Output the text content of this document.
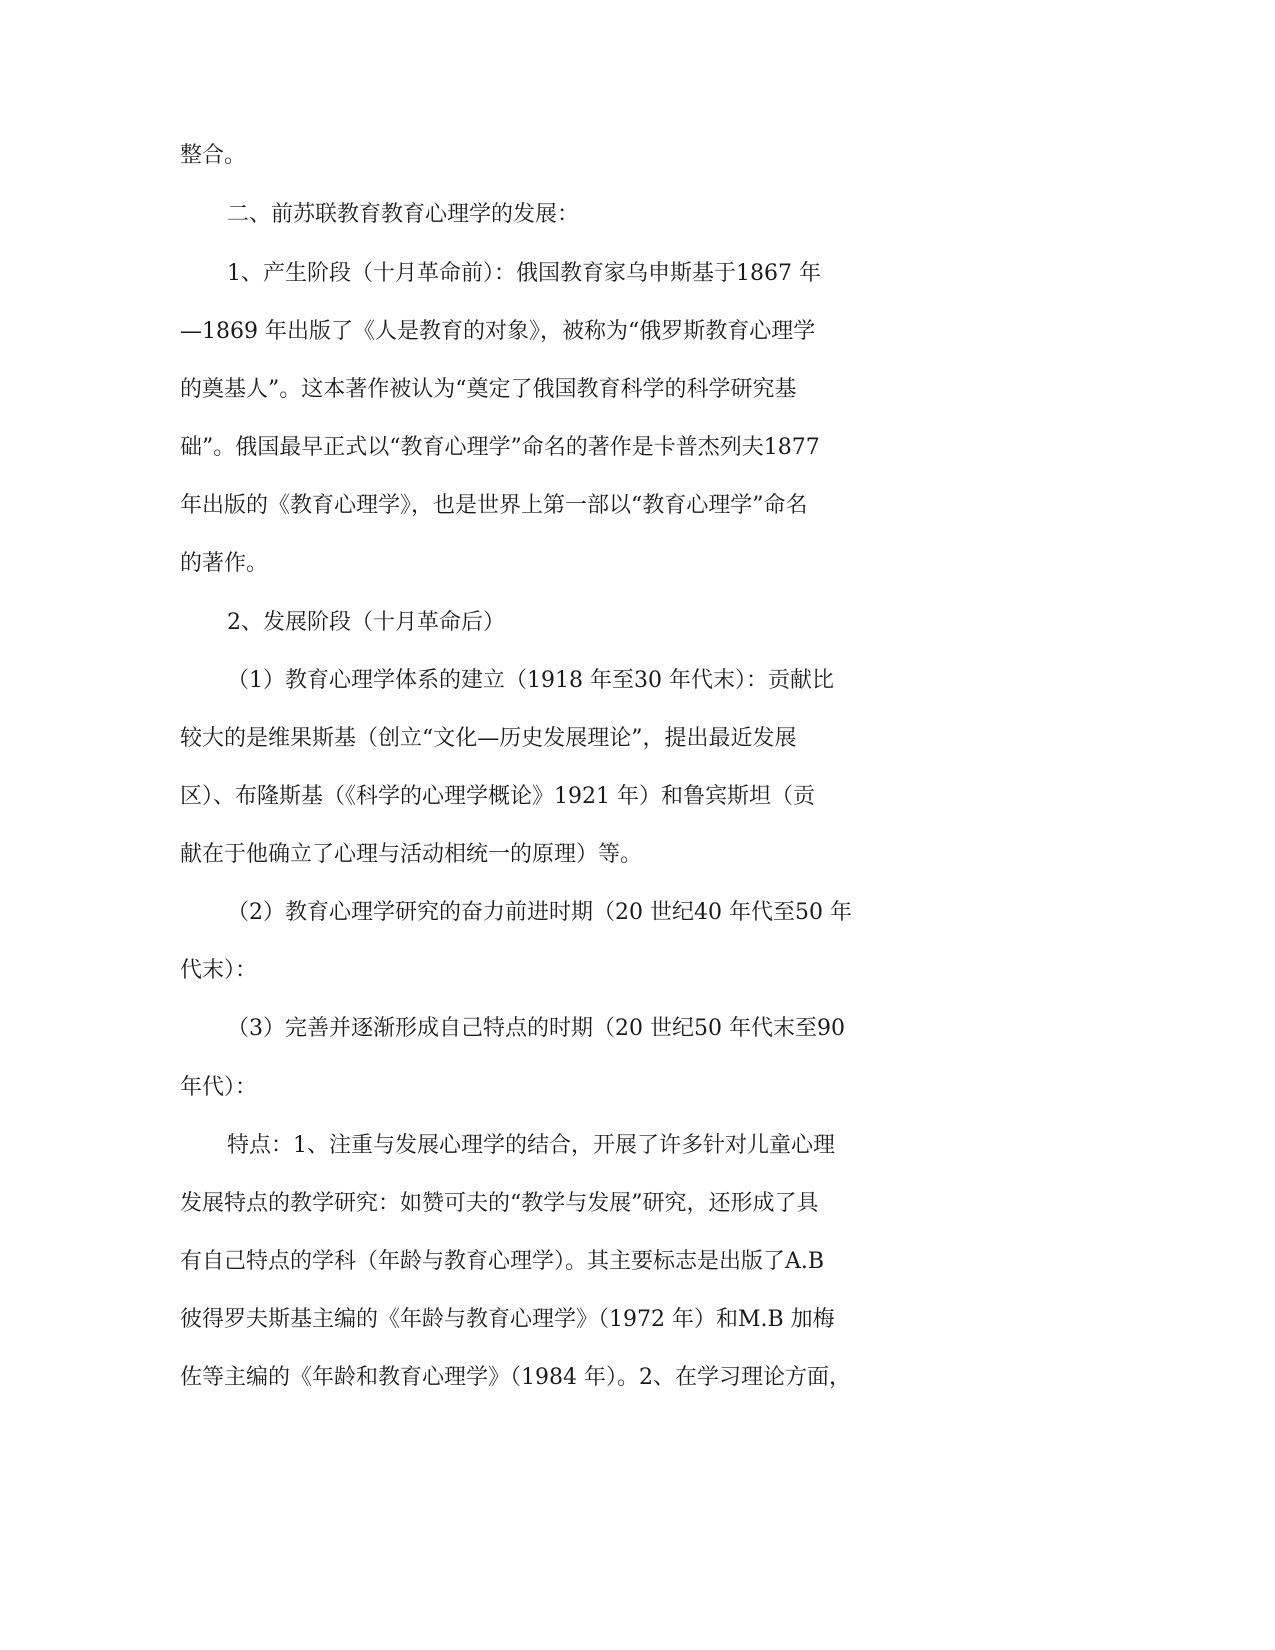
整合。

二、前苏联教育教育心理学的发展：

1、产生阶段（十月革命前）：俄国教育家乌申斯基于1867 年

—1869 年出版了《人是教育的对象》，被称为“俄罗斯教育心理学

的奠基人”。这本著作被认为“奠定了俄国教育科学的科学研究基

础”。俄国最早正式以“教育心理学”命名的著作是卡普杰列夫1877

年出版的《教育心理学》，也是世界上第一部以“教育心理学”命名

的著作。

2、发展阶段（十月革命后）

（1）教育心理学体系的建立（1918 年至30 年代末）：贡献比

较大的是维果斯基（创立“文化—历史发展理论”，提出最近发展

区）、布隆斯基（《科学的心理学概论》1921 年）和鲁宾斯坦（贡

献在于他确立了心理与活动相统一的原理）等。

（2）教育心理学研究的奋力前进时期（20 世纪40 年代至50 年

代末）：

（3）完善并逐渐形成自己特点的时期（20 世纪50 年代末至90

年代）：

特点：1、注重与发展心理学的结合，开展了许多针对儿童心理

发展特点的教学研究：如赞可夫的“教学与发展”研究，还形成了具

有自己特点的学科（年龄与教育心理学）。其主要标志是出版了A.B

彼得罗夫斯基主编的《年龄与教育心理学》（1972 年）和M.B 加梅

佐等主编的《年龄和教育心理学》（1984 年）。2、在学习理论方面，
